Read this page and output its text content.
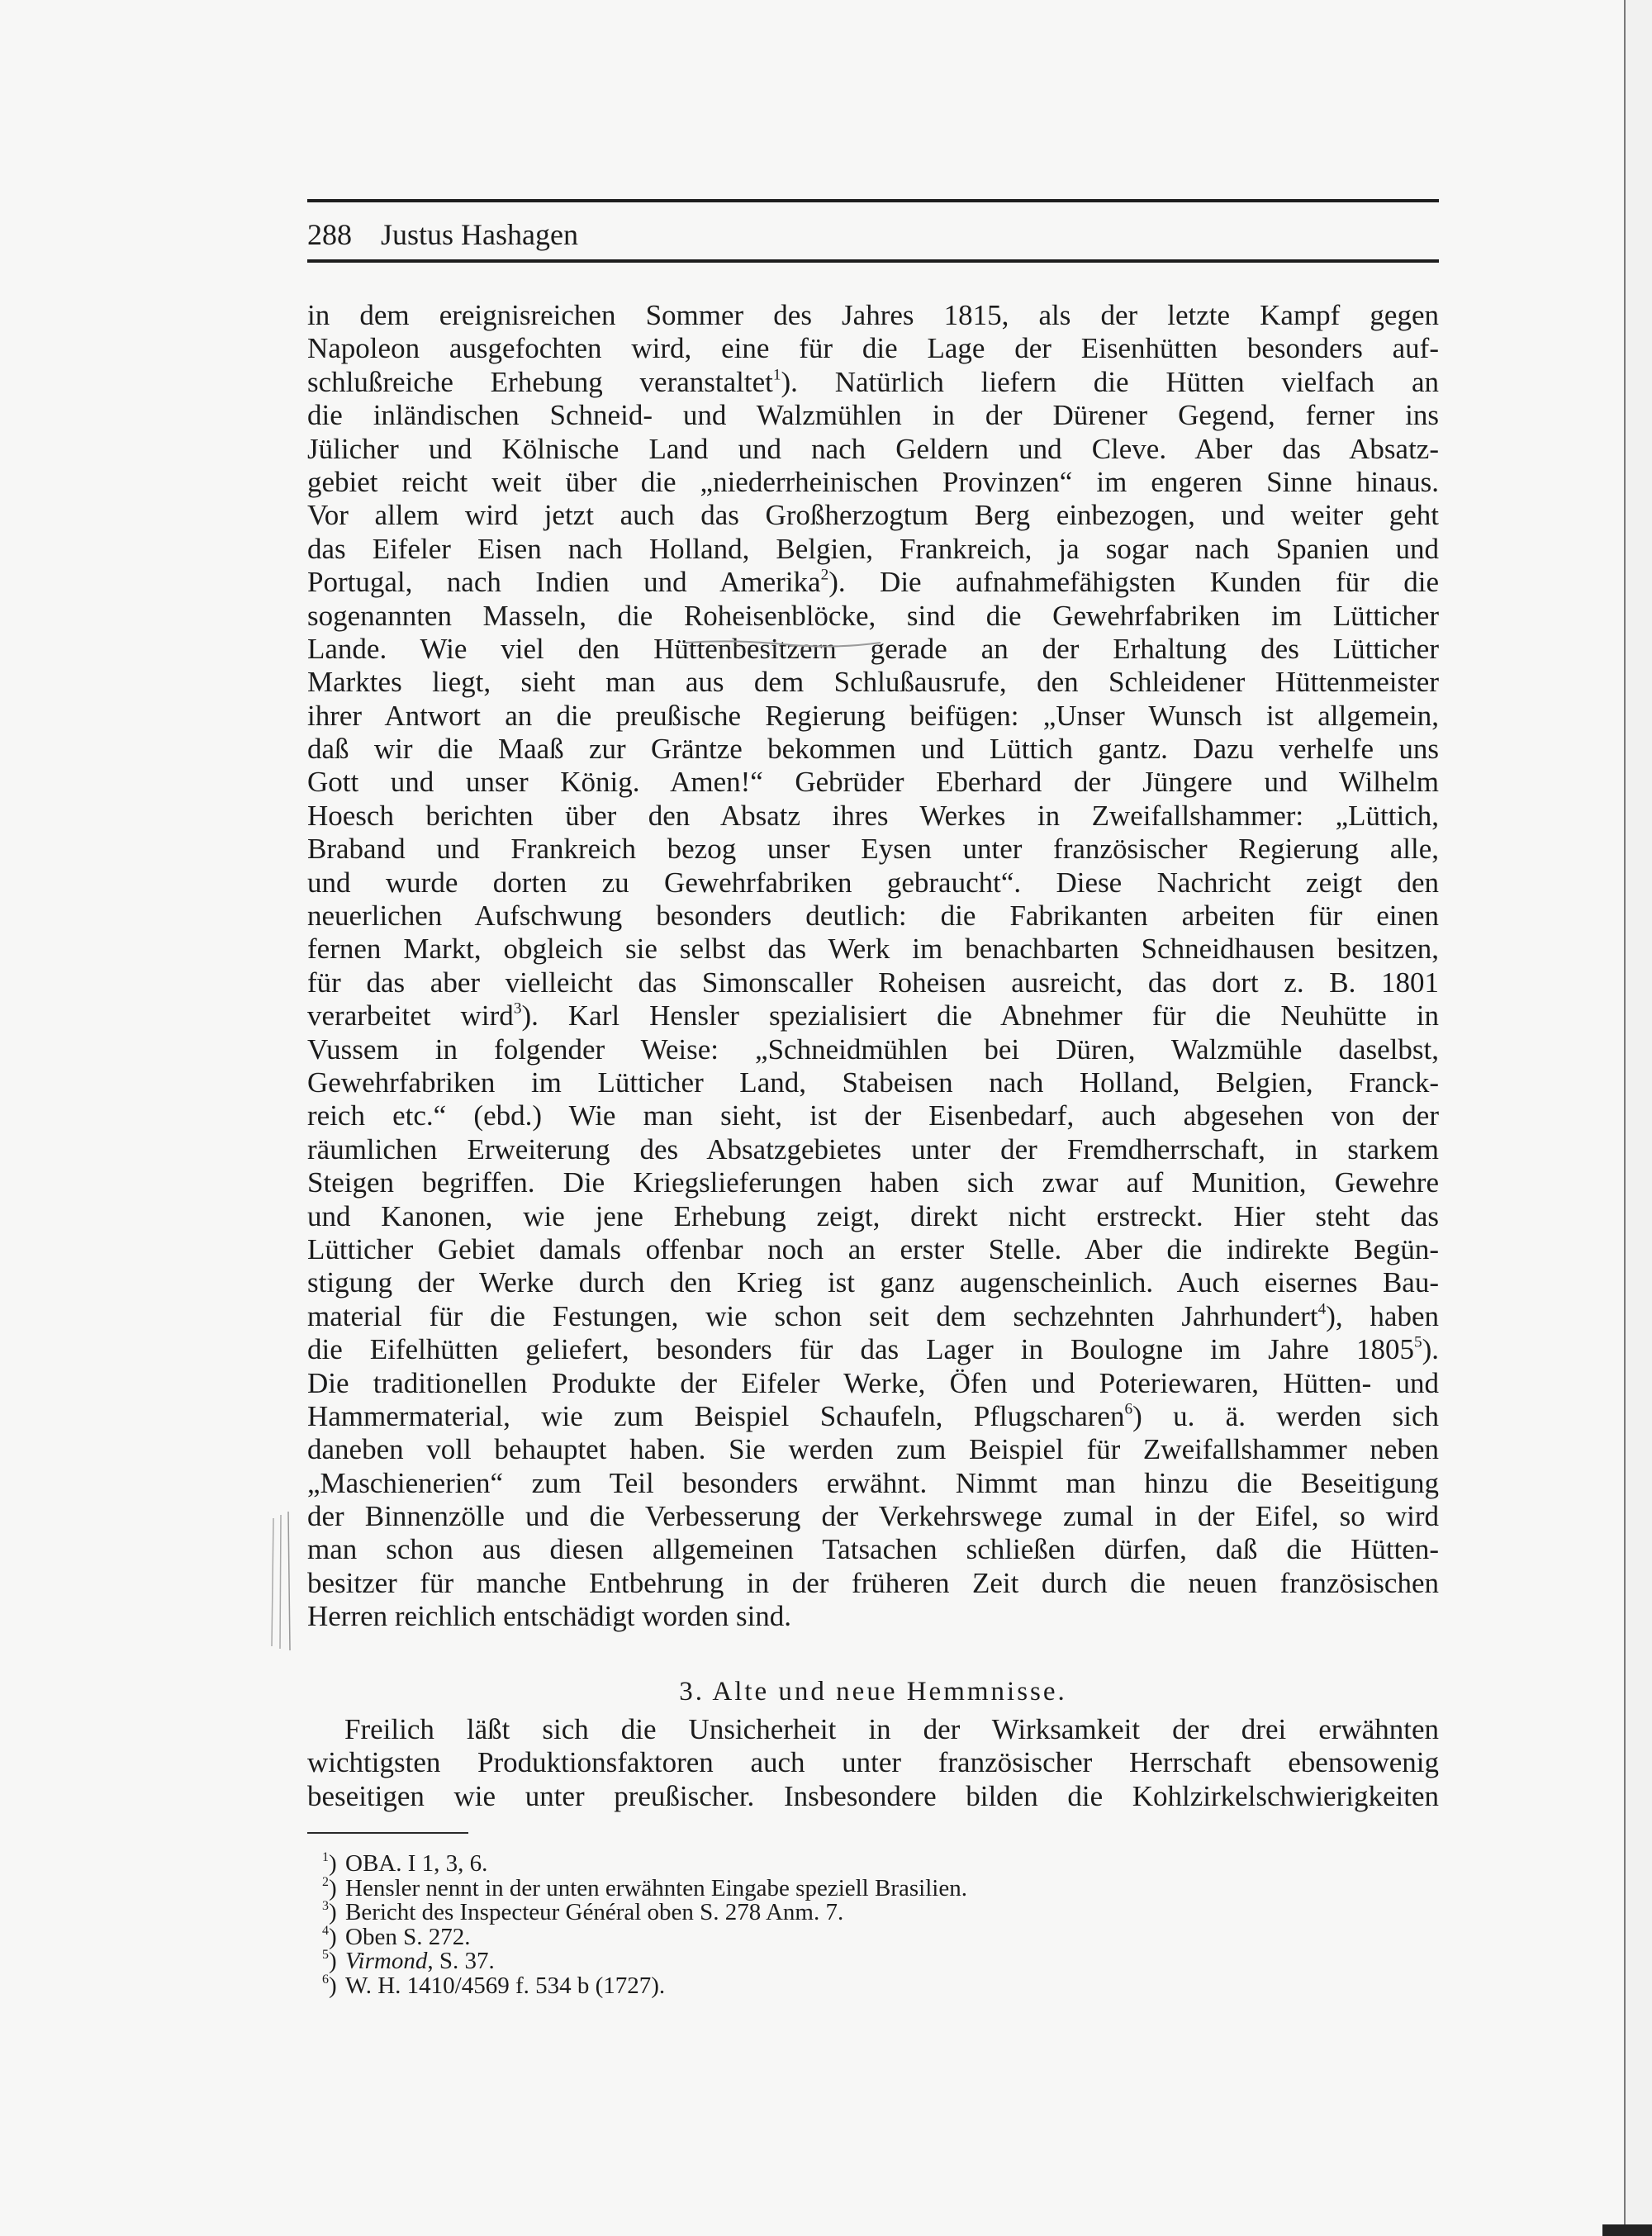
288 Justus Hashagen
in dem ereignisreichen Sommer des Jahres 1815, als der letzte Kampf gegen
Napoleon ausgefochten wird, eine für die Lage der Eisenhütten besonders auf-
schlußreiche Erhebung veranstaltet$^1$). Natürlich liefern die Hütten vielfach an
die inländischen Schneid- und Walzmühlen in der Dürener Gegend, ferner ins
Jülicher und Kölnische Land und nach Geldern und Cleve. Aber das Absatz-
gebiet reicht weit über die „niederrheinischen Provinzen“ im engeren Sinne hinaus.
Vor allem wird jetzt auch das Großherzogtum Berg einbezogen, und weiter geht
das Eifeler Eisen nach Holland, Belgien, Frankreich, ja sogar nach Spanien und
Portugal, nach Indien und Amerika$^2$). Die aufnahmefähigsten Kunden für die
sogenannten Masseln, die Roheisenblöcke, sind die Gewehrfabriken im Lütticher
Lande. Wie viel den Hüttenbesitzern gerade an der Erhaltung des Lütticher
Marktes liegt, sieht man aus dem Schlußausrufe, den Schleidener Hüttenmeister
ihrer Antwort an die preußische Regierung beifügen: „Unser Wunsch ist allgemein,
daß wir die Maaß zur Gräntze bekommen und Lüttich gantz. Dazu verhelfe uns
Gott und unser König. Amen!“ Gebrüder Eberhard der Jüngere und Wilhelm
Hoesch berichten über den Absatz ihres Werkes in Zweifallshammer: „Lüttich,
Braband und Frankreich bezog unser Eysen unter französischer Regierung alle,
und wurde dorten zu Gewehrfabriken gebraucht“. Diese Nachricht zeigt den
neuerlichen Aufschwung besonders deutlich: die Fabrikanten arbeiten für einen
fernen Markt, obgleich sie selbst das Werk im benachbarten Schneidhausen besitzen,
für das aber vielleicht das Simonscaller Roheisen ausreicht, das dort z. B. 1801
verarbeitet wird$^3$). Karl Hensler spezialisiert die Abnehmer für die Neuhütte in
Vussem in folgender Weise: „Schneidmühlen bei Düren, Walzmühle daselbst,
Gewehrfabriken im Lütticher Land, Stabeisen nach Holland, Belgien, Franck-
reich etc.“ (ebd.) Wie man sieht, ist der Eisenbedarf, auch abgesehen von der
räumlichen Erweiterung des Absatzgebietes unter der Fremdherrschaft, in starkem
Steigen begriffen. Die Kriegslieferungen haben sich zwar auf Munition, Gewehre
und Kanonen, wie jene Erhebung zeigt, direkt nicht erstreckt. Hier steht das
Lütticher Gebiet damals offenbar noch an erster Stelle. Aber die indirekte Begün-
stigung der Werke durch den Krieg ist ganz augenscheinlich. Auch eisernes Bau-
material für die Festungen, wie schon seit dem sechzehnten Jahrhundert$^4$), haben
die Eifelhütten geliefert, besonders für das Lager in Boulogne im Jahre 1805$^5$).
Die traditionellen Produkte der Eifeler Werke, Öfen und Poteriewaren, Hütten- und
Hammermaterial, wie zum Beispiel Schaufeln, Pflugscharen$^6$) u. ä. werden sich
daneben voll behauptet haben. Sie werden zum Beispiel für Zweifallshammer neben
„Maschienerien“ zum Teil besonders erwähnt. Nimmt man hinzu die Beseitigung
der Binnenzölle und die Verbesserung der Verkehrswege zumal in der Eifel, so wird
man schon aus diesen allgemeinen Tatsachen schließen dürfen, daß die Hütten-
besitzer für manche Entbehrung in der früheren Zeit durch die neuen französischen
Herren reichlich entschädigt worden sind.
3. Alte und neue Hemmnisse.
Freilich läßt sich die Unsicherheit in der Wirksamkeit der drei erwähnten
wichtigsten Produktionsfaktoren auch unter französischer Herrschaft ebensowenig
beseitigen wie unter preußischer. Insbesondere bilden die Kohlzirkelschwierigkeiten
$^1$) OBA. I 1, 3, 6.
$^2$) Hensler nennt in der unten erwähnten Eingabe speziell Brasilien.
$^3$) Bericht des Inspecteur Général oben S. 278 Anm. 7.
$^4$) Oben S. 272.
$^5$) Virmond, S. 37.
$^6$) W. H. 1410/4569 f. 534 b (1727).
